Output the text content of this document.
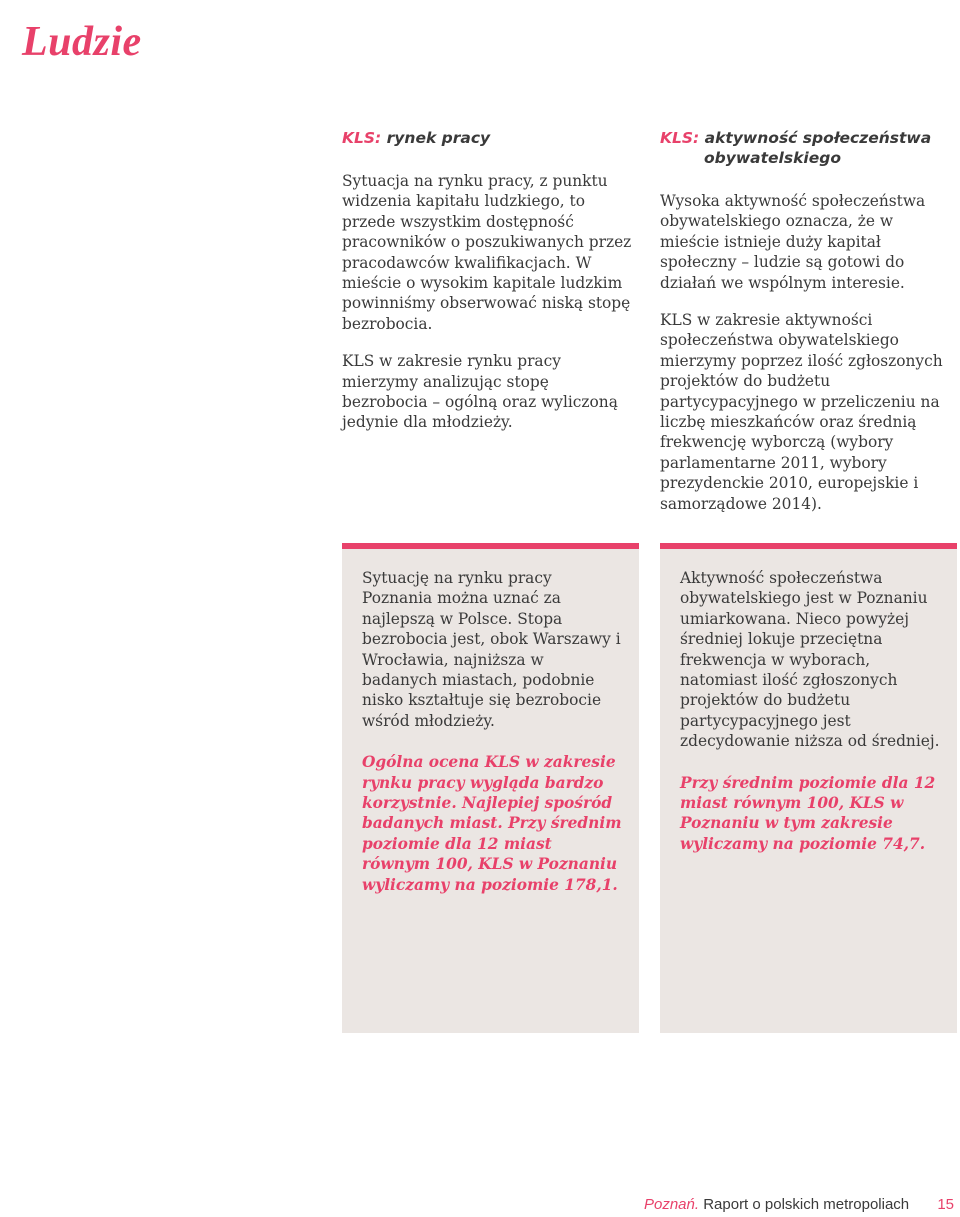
Ludzie
KLS: rynek pracy

Sytuacja na rynku pracy, z punktu widzenia kapitału ludzkiego, to przede wszystkim dostępność pracowników o poszukiwanych przez pracodawców kwalifikacjach. W mieście o wysokim kapitale ludzkim powinniśmy obserwować niską stopę bezrobocia.

KLS w zakresie rynku pracy mierzymy analizując stopę bezrobocia – ogólną oraz wyliczoną jedynie dla młodzieży.

KLS: aktywność społeczeństwa
obywatelskiego

Wysoka aktywność społeczeństwa obywatelskiego oznacza, że w mieście istnieje duży kapitał społeczny – ludzie są gotowi do działań we wspólnym interesie.

KLS w zakresie aktywności społeczeństwa obywatelskiego mierzymy poprzez ilość zgłoszonych projektów do budżetu partycypacyjnego w przeliczeniu na liczbę mieszkańców oraz średnią frekwencję wyborczą (wybory parlamentarne 2011, wybory prezydenckie 2010, europejskie i samorządowe 2014).

Sytuację na rynku pracy Poznania można uznać za najlepszą w Polsce. Stopa bezrobocia jest, obok Warszawy i Wrocławia, najniższa w badanych miastach, podobnie nisko kształtuje się bezrobocie wśród młodzieży.

Ogólna ocena KLS w zakresie rynku pracy wygląda bardzo korzystnie. Najlepiej spośród badanych miast. Przy średnim poziomie dla 12 miast równym 100, KLS w Poznaniu wyliczamy na poziomie 178,1.

Aktywność społeczeństwa obywatelskiego jest w Poznaniu umiarkowana. Nieco powyżej średniej lokuje przeciętna frekwencja w wyborach, natomiast ilość zgłoszonych projektów do budżetu partycypacyjnego jest zdecydowanie niższa od średniej.

Przy średnim poziomie dla 12 miast równym 100, KLS w Poznaniu w tym zakresie wyliczamy na poziomie 74,7.

Poznań. Raport o polskich metropoliach 15
